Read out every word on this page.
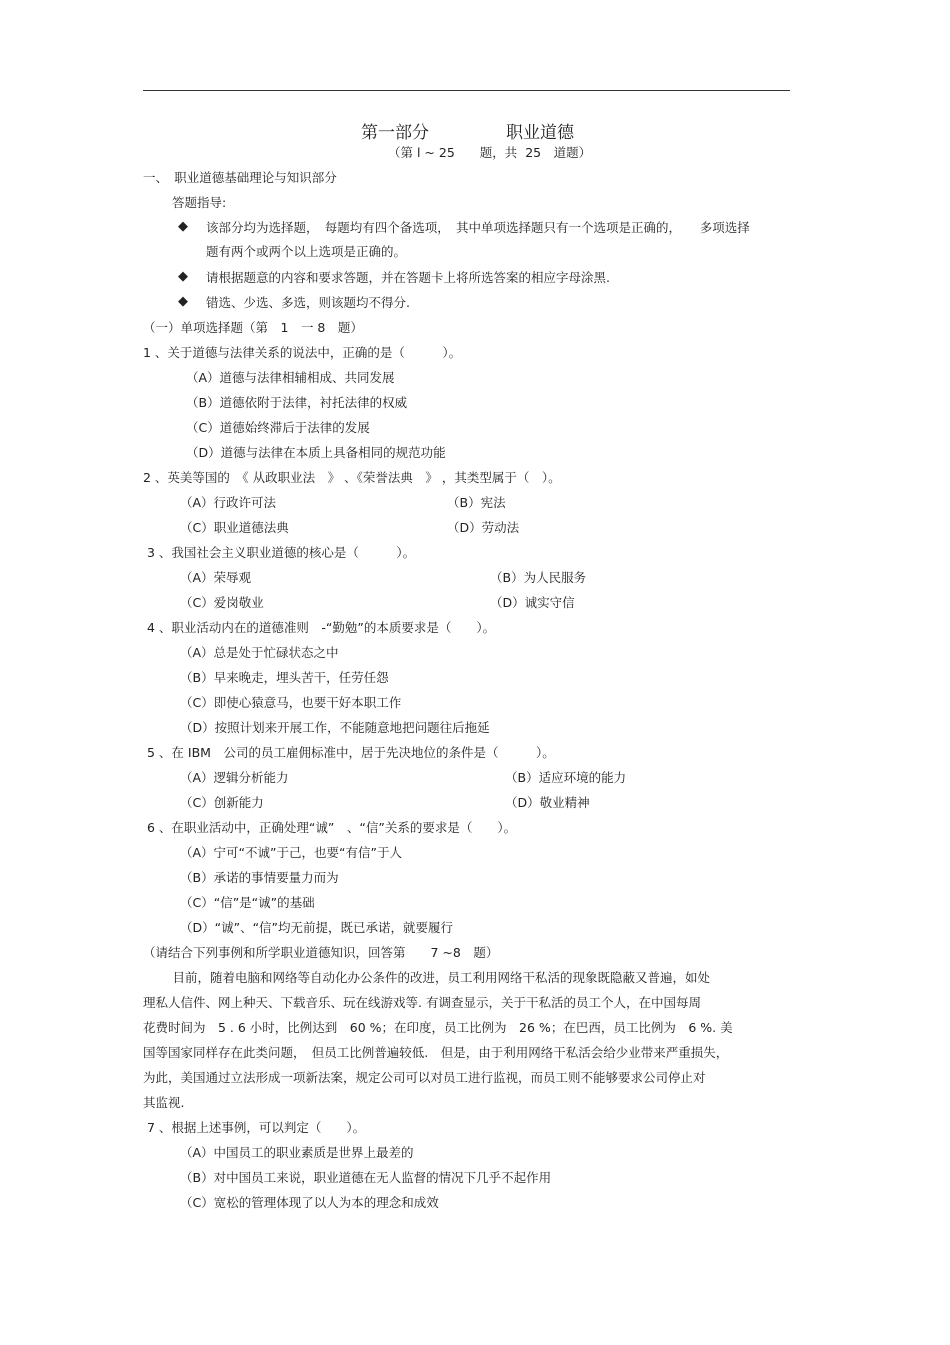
第一部分	职业道德
（第 l ~ 25　　题，共  25　道题）
一、　职业道德基础理论与知识部分
答题指导:
◆ 该部分均为选择题，　每题均有四个备选项，　其中单项选择题只有一个选项是正确的，　　多项选择
题有两个或两个以上选项是正确的。
◆ 请根据题意的内容和要求答题，并在答题卡上将所选答案的相应字母涂黑.
◆ 错选、少选、多选，则该题均不得分.
（一）单项选择题（第　1　一 8　题）
1 、关于道德与法律关系的说法中，正确的是（　　　）。
（A）道德与法律相辅相成、共同发展
（B）道德依附于法律，衬托法律的权威
（C）道德始终滞后于法律的发展
（D）道德与法律在本质上具备相同的规范功能
2 、英美等国的　《 从政职业法　》 、《荣誉法典　》 ，其类型属于（　）。
（A）行政许可法	（B）宪法
（C）职业道德法典	（D）劳动法
3 、我国社会主义职业道德的核心是（　　　）。
（A）荣辱观	（B）为人民服务
（C）爱岗敬业	（D）诚实守信
4 、职业活动内在的道德准则　-“勤勉”的本质要求是（　　）。
（A）总是处于忙碌状态之中
（B）早来晚走，埋头苦干，任劳任怨
（C）即使心猿意马，也要干好本职工作
（D）按照计划来开展工作，不能随意地把问题往后拖延
5 、在 IBM　公司的员工雇佣标准中，居于先决地位的条件是（　　　）。
（A）逻辑分析能力	（B）适应环境的能力
（C）创新能力	（D）敬业精神
6 、在职业活动中，正确处理“诚”　、“信”关系的要求是（　　）。
（A）宁可“不诚”于己，也要“有信”于人
（B）承诺的事情要量力而为
（C）“信”是“诚”的基础
（D）“诚”、“信”均无前提，既已承诺，就要履行
（请结合下列事例和所学职业道德知识，回答第　　7 ~8　题）
　目前，随着电脑和网络等自动化办公条件的改进，员工利用网络干私活的现象既隐蔽又普遍，如处
理私人信件、网上种天、下载音乐、玩在线游戏等. 有调查显示，关于干私活的员工个人，在中国每周
花费时间为　5 . 6 小时，比例达到　60 %；在印度，员工比例为　26 %；在巴西，员工比例为　6 %. 美
国等国家同样存在此类问题，　但员工比例普遍较低.　但是，由于利用网络干私活会给少业带来严重损失，
为此，美国通过立法形成一项新法案，规定公司可以对员工进行监视，而员工则不能够要求公司停止对
其监视.
7 、根据上述事例，可以判定（　　）。
（A）中国员工的职业素质是世界上最差的
（B）对中国员工来说，职业道德在无人监督的情况下几乎不起作用
（C）宽松的管理体现了以人为本的理念和成效
